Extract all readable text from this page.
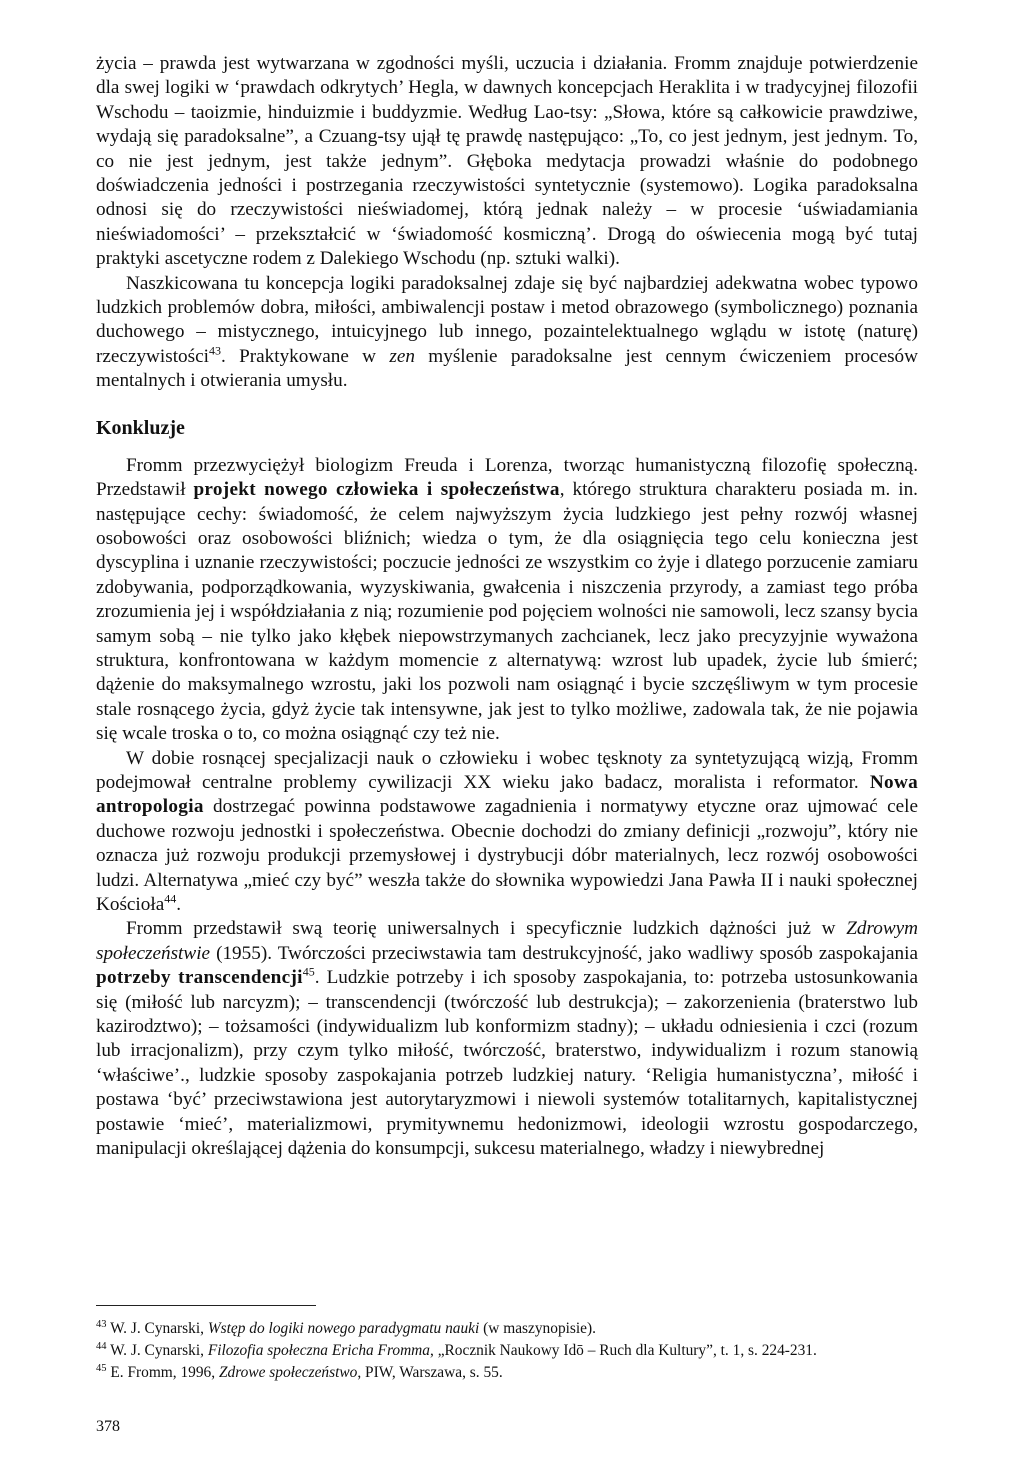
życia – prawda jest wytwarzana w zgodności myśli, uczucia i działania. Fromm znajduje potwierdzenie dla swej logiki w ‘prawdach odkrytych’ Hegla, w dawnych koncepcjach Heraklita i w tradycyjnej filozofii Wschodu – taoizmie, hinduizmie i buddyzmie. Według Lao-tsy: „Słowa, które są całkowicie prawdziwe, wydają się paradoksalne”, a Czuang-tsy ujął tę prawdę następująco: „To, co jest jednym, jest jednym. To, co nie jest jednym, jest także jednym”. Głęboka medytacja prowadzi właśnie do podobnego doświadczenia jedności i postrzegania rzeczywistości syntetycznie (systemowo). Logika paradoksalna odnosi się do rzeczywistości nieświadomej, którą jednak należy – w procesie ‘uświadamiania nieświadomości’ – przekształcić w ‘świadomość kosmiczną’. Drogą do oświecenia mogą być tutaj praktyki ascetyczne rodem z Dalekiego Wschodu (np. sztuki walki).

Naszkicowana tu koncepcja logiki paradoksalnej zdaje się być najbardziej adekwatna wobec typowo ludzkich problemów dobra, miłości, ambiwalencji postaw i metod obrazowego (symbolicznego) poznania duchowego – mistycznego, intuicyjnego lub innego, pozaintelektualnego wglądu w istotę (naturę) rzeczywistości$^{43}$. Praktykowane w zen myślenie paradoksalne jest cennym ćwiczeniem procesów mentalnych i otwierania umysłu.

Konkluzje

Fromm przezwyciężył biologizm Freuda i Lorenza, tworząc humanistyczną filozofię społeczną. Przedstawił projekt nowego człowieka i społeczeństwa, którego struktura charakteru posiada m. in. następujące cechy: świadomość, że celem najwyższym życia ludzkiego jest pełny rozwój własnej osobowości oraz osobowości bliźnich; wiedza o tym, że dla osiągnięcia tego celu konieczna jest dyscyplina i uznanie rzeczywistości; poczucie jedności ze wszystkim co żyje i dlatego porzucenie zamiaru zdobywania, podporządkowania, wyzyskiwania, gwałcenia i niszczenia przyrody, a zamiast tego próba zrozumienia jej i współdziałania z nią; rozumienie pod pojęciem wolności nie samowoli, lecz szansy bycia samym sobą – nie tylko jako kłębek niepowstrzymanych zachcianek, lecz jako precyzyjnie wyważona struktura, konfrontowana w każdym momencie z alternatywą: wzrost lub upadek, życie lub śmierć; dążenie do maksymalnego wzrostu, jaki los pozwoli nam osiągnąć i bycie szczęśliwym w tym procesie stale rosnącego życia, gdyż życie tak intensywne, jak jest to tylko możliwe, zadowala tak, że nie pojawia się wcale troska o to, co można osiągnąć czy też nie.

W dobie rosnącej specjalizacji nauk o człowieku i wobec tęsknoty za syntetyzującą wizją, Fromm podejmował centralne problemy cywilizacji XX wieku jako badacz, moralista i reformator. Nowa antropologia dostrzegać powinna podstawowe zagadnienia i normatywy etyczne oraz ujmować cele duchowe rozwoju jednostki i społeczeństwa. Obecnie dochodzi do zmiany definicji „rozwoju”, który nie oznacza już rozwoju produkcji przemysłowej i dystrybucji dóbr materialnych, lecz rozwój osobowości ludzi. Alternatywa „mieć czy być” weszła także do słownika wypowiedzi Jana Pawła II i nauki społecznej Kościoła$^{44}$.

Fromm przedstawił swą teorię uniwersalnych i specyficznie ludzkich dążności już w Zdrowym społeczeństwie (1955). Twórczości przeciwstawia tam destrukcyjność, jako wadliwy sposób zaspokajania potrzeby transcendencji$^{45}$. Ludzkie potrzeby i ich sposoby zaspokajania, to: potrzeba ustosunkowania się (miłość lub narcyzm); – transcendencji (twórczość lub destrukcja); – zakorzenienia (braterstwo lub kazirodztwo); – tożsamości (indywidualizm lub konformizm stadny); – układu odniesienia i czci (rozum lub irracjonalizm), przy czym tylko miłość, twórczość, braterstwo, indywidualizm i rozum stanowią ‘właściwe’., ludzkie sposoby zaspokajania potrzeb ludzkiej natury. ‘Religia humanistyczna’, miłość i postawa ‘być’ przeciwstawiona jest autorytaryzmowi i niewoli systemów totalitarnych, kapitalistycznej postawie ‘mieć’, materializmowi, prymitywnemu hedonizmowi, ideologii wzrostu gospodarczego, manipulacji określającej dążenia do konsumpcji, sukcesu materialnego, władzy i niewybrednej

$^{43}$ W. J. Cynarski, Wstęp do logiki nowego paradygmatu nauki (w maszynopisie).

$^{44}$ W. J. Cynarski, Filozofia społeczna Ericha Fromma, „Rocznik Naukowy Idō – Ruch dla Kultury”, t. 1, s. 224-231.

$^{45}$ E. Fromm, 1996, Zdrowe społeczeństwo, PIW, Warszawa, s. 55.

378
